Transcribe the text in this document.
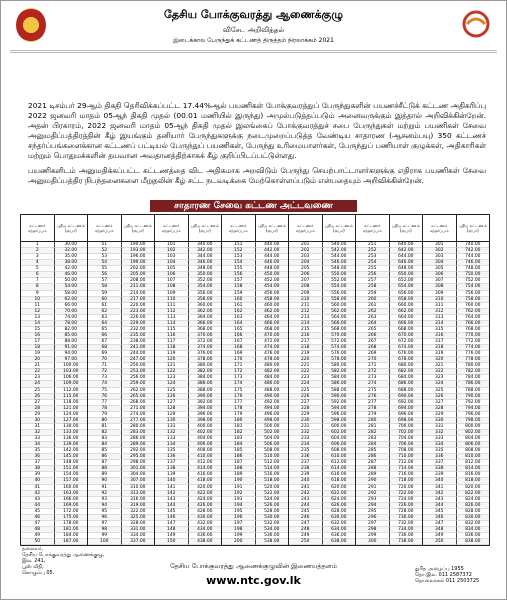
தேசிய போக்குவரத்து ஆணைக்குழு
விசேட அறிவித்தல்
இடைக்கால பேருந்துக் கட்டணத் திருத்தம் நிரலாக்கம் 2021
2021 டிசம்பர் 29ஆம் திகதி தெரிவிக்கப்பட்ட 17.44%ஆல் பயணிகள் போக்குவரத்துப் பேருந்துகளின் பயணச்சீட்டுக் கட்டண அதிகரிப்பு 2022 ஜனவரி மாதம் 05ஆந் திகதி முதல் (00.01 மணியில் இருந்து) அமுல்படுத்தப்படும் அனைவருக்கும் இத்தால் அறிவிக்கின்றேன். அதன் பிரகாரம், 2022 ஜனவரி மாதம் 05ஆந் திகதி முதல் இலங்கைப் போக்குவரத்துச் சபை பேருந்துகள் மற்றும் பயணிகள் சேவை அனுமதிப்பத்திரத்தின் கீழ் இயங்கும் தனியார் பேருந்துகளுக்கு நடைமுறைப்படுத்த வேண்டிய சாதாரண (ஆசனம்பயு) 350 கட்டணச் சந்தர்ப்பங்களைக்கான கட்டணப் பட்டியல் பேருந்துப் பயணிகள், பேருந்து உரிமையாளர்கள், பேருந்துப் பணியாள் குழுக்கள், அதிகாரிகள் மற்றும் பொதுமக்களின் தயவான அவதானத்திற்காகக் கீழ் குறிப்பிடப்பட்டுள்ளது.
பயணிகளிடம் அனுமதிக்கப்பட்ட கட்டணத்தை விட அதிகமாக அறவிடும் பேருந்து செயற்பாட்டாளர்களுக்கு எதிராக பயணிகள் சேவை அனுமதிப்பத்திர நிபந்தனைகளை மீறுதலின் கீழ் சட்ட நடவடிக்கை மேற்கொள்ளப்படும் என்பதையும் அறிவிக்கின்றேன்.
சாதாரண சேவை கட்டண அட்டவணை
கட்டணச் சந்தர்ப்பம்
புதிய கட்டணம் (ரூபா)
1	30.00
2	32.00
3	35.00
4	38.00
5	42.00
6	46.00
7	50.00
8	54.00
9	58.00
10	62.00
11	66.00
12	70.00
13	74.00
14	78.00
15	82.00
16	85.00
17	88.00
18	91.00
19	94.00
20	97.00
21	100.00
22	103.00
23	106.00
24	109.00
25	112.00
26	115.00
27	118.00
28	121.00
29	124.00
30	127.00
31	130.00
32	133.00
33	136.00
34	139.00
35	142.00
36	145.00
37	148.00
38	151.00
39	154.00
40	157.00
41	160.00
42	163.00
43	166.00
44	169.00
45	172.00
46	175.00
47	178.00
48	181.00
49	184.00
50	187.00
கட்டணச் சந்தர்ப்பம்
புதிய கட்டணம் (ரூபா)
51	190.00
52	193.00
53	196.00
54	199.00
55	202.00
56	205.00
57	208.00
58	211.00
59	214.00
60	217.00
61	220.00
62	223.00
63	226.00
64	229.00
65	232.00
66	235.00
67	238.00
68	241.00
69	244.00
70	247.00
71	250.00
72	253.00
73	256.00
74	259.00
75	262.00
76	265.00
77	268.00
78	271.00
79	274.00
80	277.00
81	280.00
82	283.00
83	286.00
84	289.00
85	292.00
86	295.00
87	298.00
88	301.00
89	304.00
90	307.00
91	310.00
92	313.00
93	316.00
94	319.00
95	322.00
96	325.00
97	328.00
98	331.00
99	334.00
100	337.00
கட்டணச் சந்தர்ப்பம்
புதிய கட்டணம் (ரூபா)
101	340.00
102	342.00
103	344.00
104	346.00
105	348.00
106	350.00
107	352.00
108	354.00
109	356.00
110	358.00
111	360.00
112	362.00
113	364.00
114	366.00
115	368.00
116	370.00
117	372.00
118	374.00
119	376.00
120	378.00
121	380.00
122	382.00
123	384.00
124	386.00
125	388.00
126	390.00
127	392.00
128	394.00
129	396.00
130	398.00
131	400.00
132	402.00
133	404.00
134	406.00
135	408.00
136	410.00
137	412.00
138	414.00
139	416.00
140	418.00
141	420.00
142	422.00
143	424.00
144	426.00
145	428.00
146	430.00
147	432.00
148	434.00
149	436.00
150	438.00
கட்டணச் சந்தர்ப்பம்
புதிய கட்டணம் (ரூபா)
151	440.00
152	442.00
153	444.00
154	446.00
155	448.00
156	450.00
157	452.00
158	454.00
159	456.00
160	458.00
161	460.00
162	462.00
163	464.00
164	466.00
165	468.00
166	470.00
167	472.00
168	474.00
169	476.00
170	478.00
171	480.00
172	482.00
173	484.00
174	486.00
175	488.00
176	490.00
177	492.00
178	494.00
179	496.00
180	498.00
181	500.00
182	502.00
183	504.00
184	506.00
185	508.00
186	510.00
187	512.00
188	514.00
189	516.00
190	518.00
191	520.00
192	522.00
193	524.00
194	526.00
195	528.00
196	530.00
197	532.00
198	534.00
199	536.00
200	538.00
கட்டணச் சந்தர்ப்பம்
புதிய கட்டணம் (ரூபா)
201	540.00
202	542.00
203	544.00
204	546.00
205	548.00
206	550.00
207	552.00
208	554.00
209	556.00
210	558.00
211	560.00
212	562.00
213	564.00
214	566.00
215	568.00
216	570.00
217	572.00
218	574.00
219	576.00
220	578.00
221	580.00
222	582.00
223	584.00
224	586.00
225	588.00
226	590.00
227	592.00
228	594.00
229	596.00
230	598.00
231	600.00
232	602.00
233	604.00
234	606.00
235	608.00
236	610.00
237	612.00
238	614.00
239	616.00
240	618.00
241	620.00
242	622.00
243	624.00
244	626.00
245	628.00
246	630.00
247	632.00
248	634.00
249	636.00
250	638.00
கட்டணச் சந்தர்ப்பம்
புதிய கட்டணம் (ரூபா)
251	640.00
252	642.00
253	644.00
254	646.00
255	648.00
256	650.00
257	652.00
258	654.00
259	656.00
260	658.00
261	660.00
262	662.00
263	664.00
264	666.00
265	668.00
266	670.00
267	672.00
268	674.00
269	676.00
270	678.00
271	680.00
272	682.00
273	684.00
274	686.00
275	688.00
276	690.00
277	692.00
278	694.00
279	696.00
280	698.00
281	700.00
282	702.00
283	704.00
284	706.00
285	708.00
286	710.00
287	712.00
288	714.00
289	716.00
290	718.00
291	720.00
292	722.00
293	724.00
294	726.00
295	728.00
296	730.00
297	732.00
298	734.00
299	736.00
300	738.00
கட்டணச் சந்தர்ப்பம்
புதிய கட்டணம் (ரூபா)
301	740.00
302	742.00
303	744.00
304	746.00
305	748.00
306	750.00
307	752.00
308	754.00
309	756.00
310	758.00
311	760.00
312	762.00
313	764.00
314	766.00
315	768.00
316	770.00
317	772.00
318	774.00
319	776.00
320	778.00
321	780.00
322	782.00
323	784.00
324	786.00
325	788.00
326	790.00
327	792.00
328	794.00
329	796.00
330	798.00
331	800.00
332	802.00
333	804.00
334	806.00
335	808.00
336	810.00
337	812.00
338	814.00
339	816.00
340	818.00
341	820.00
342	822.00
343	824.00
344	826.00
345	828.00
346	830.00
347	832.00
348	834.00
349	836.00
350	838.00
தலைவர்,
தேசிய போக்குவரத்து ஆணைக்குழு,
இல. 241,
பூஸ் வீதி,
கொழும்பு 05.
தேசிய போக்குவரத்து ஆணைக்குழுவின் இணையத்தளம்
www.ntc.gov.lk
துரித அழைப்பு 1955
தொ.இல. 011 2587372
தொலைநகல் 011 2503725
